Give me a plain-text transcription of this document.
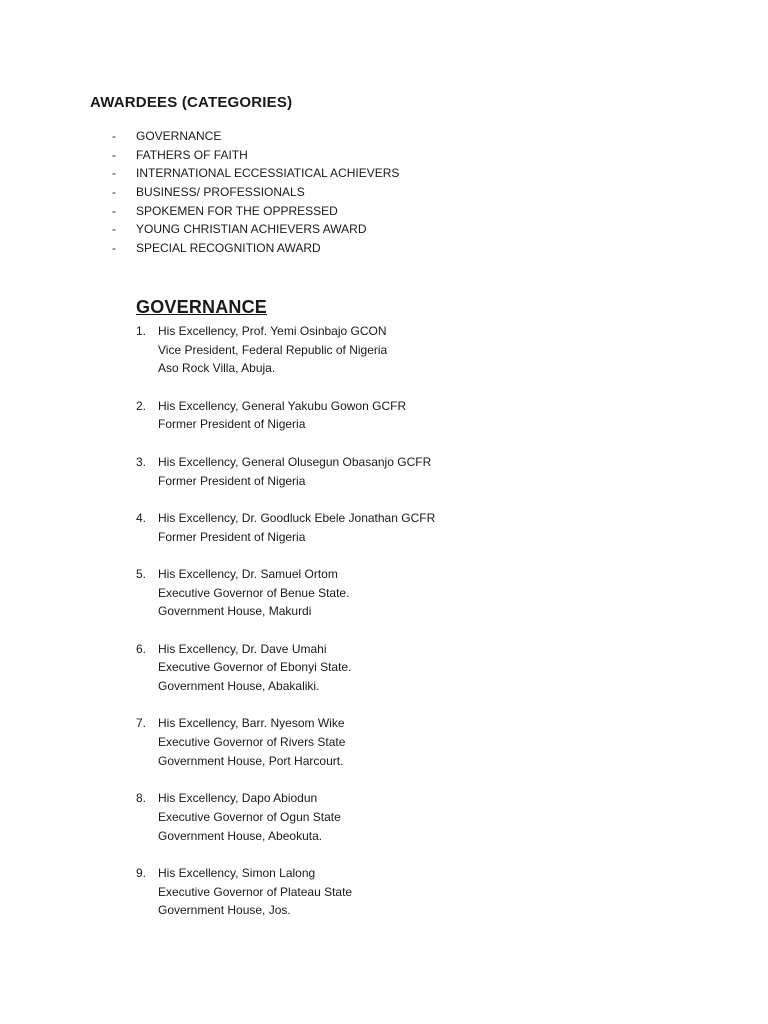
AWARDEES (CATEGORIES)
-	GOVERNANCE
-	FATHERS OF FAITH
-	INTERNATIONAL ECCESSIATICAL ACHIEVERS
-	BUSINESS/ PROFESSIONALS
-	SPOKEMEN FOR THE OPPRESSED
-	YOUNG CHRISTIAN ACHIEVERS AWARD
-	SPECIAL RECOGNITION AWARD
GOVERNANCE
1. His Excellency, Prof. Yemi Osinbajo GCON
Vice President, Federal Republic of Nigeria
Aso Rock Villa, Abuja.
2. His Excellency, General Yakubu Gowon GCFR
Former President of Nigeria
3. His Excellency, General Olusegun Obasanjo GCFR
Former President of Nigeria
4. His Excellency, Dr. Goodluck Ebele Jonathan GCFR
Former President of Nigeria
5. His Excellency, Dr. Samuel Ortom
Executive Governor of Benue State.
Government House, Makurdi
6. His Excellency, Dr. Dave Umahi
Executive Governor of Ebonyi State.
Government House, Abakaliki.
7. His Excellency, Barr. Nyesom Wike
Executive Governor of Rivers State
Government House, Port Harcourt.
8. His Excellency, Dapo Abiodun
Executive Governor of Ogun State
Government House, Abeokuta.
9. His Excellency, Simon Lalong
Executive Governor of Plateau State
Government House, Jos.
